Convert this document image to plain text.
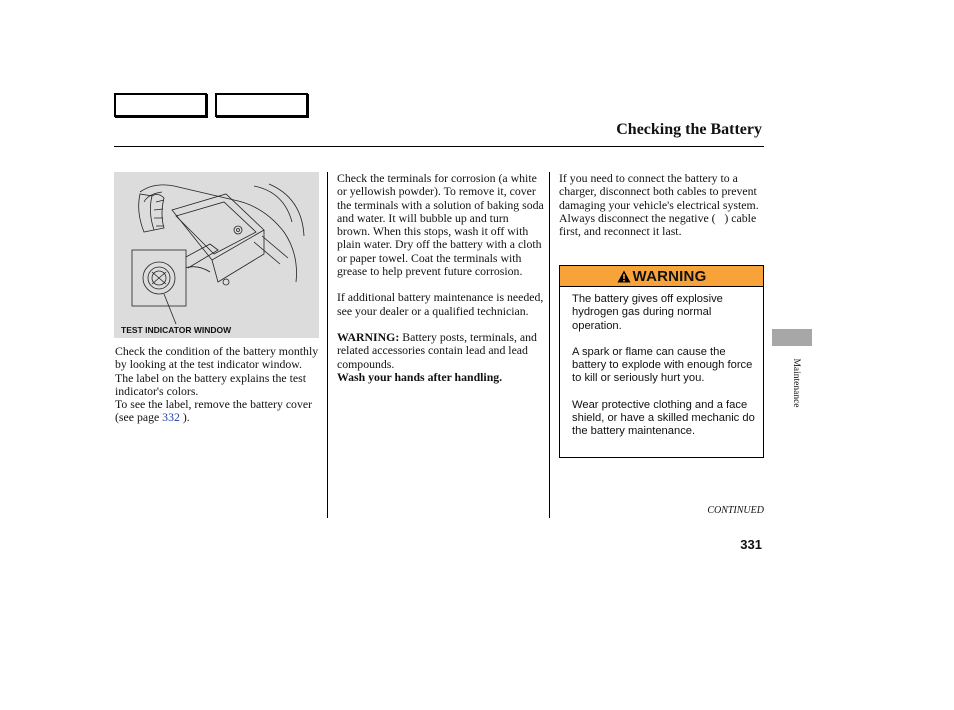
Checking the Battery
TEST INDICATOR WINDOW

Check the condition of the battery monthly by looking at the test indicator window. The label on the battery explains the test indicator's colors.

To see the label, remove the battery cover (see page 332 ).

Check the terminals for corrosion (a white or yellowish powder). To remove it, cover the terminals with a solution of baking soda and water. It will bubble up and turn brown. When this stops, wash it off with plain water. Dry off the battery with a cloth or paper towel. Coat the terminals with grease to help prevent future corrosion.

If additional battery maintenance is needed, see your dealer or a qualified technician.

WARNING: Battery posts, terminals, and related accessories contain lead and lead compounds.
Wash your hands after handling.

If you need to connect the battery to a charger, disconnect both cables to prevent damaging your vehicle's electrical system. Always disconnect the negative (   ) cable first, and reconnect it last.

WARNING

The battery gives off explosive hydrogen gas during normal operation.

A spark or flame can cause the battery to explode with enough force to kill or seriously hurt you.

Wear protective clothing and a face shield, or have a skilled mechanic do the battery maintenance.

CONTINUED
331
Maintenance
